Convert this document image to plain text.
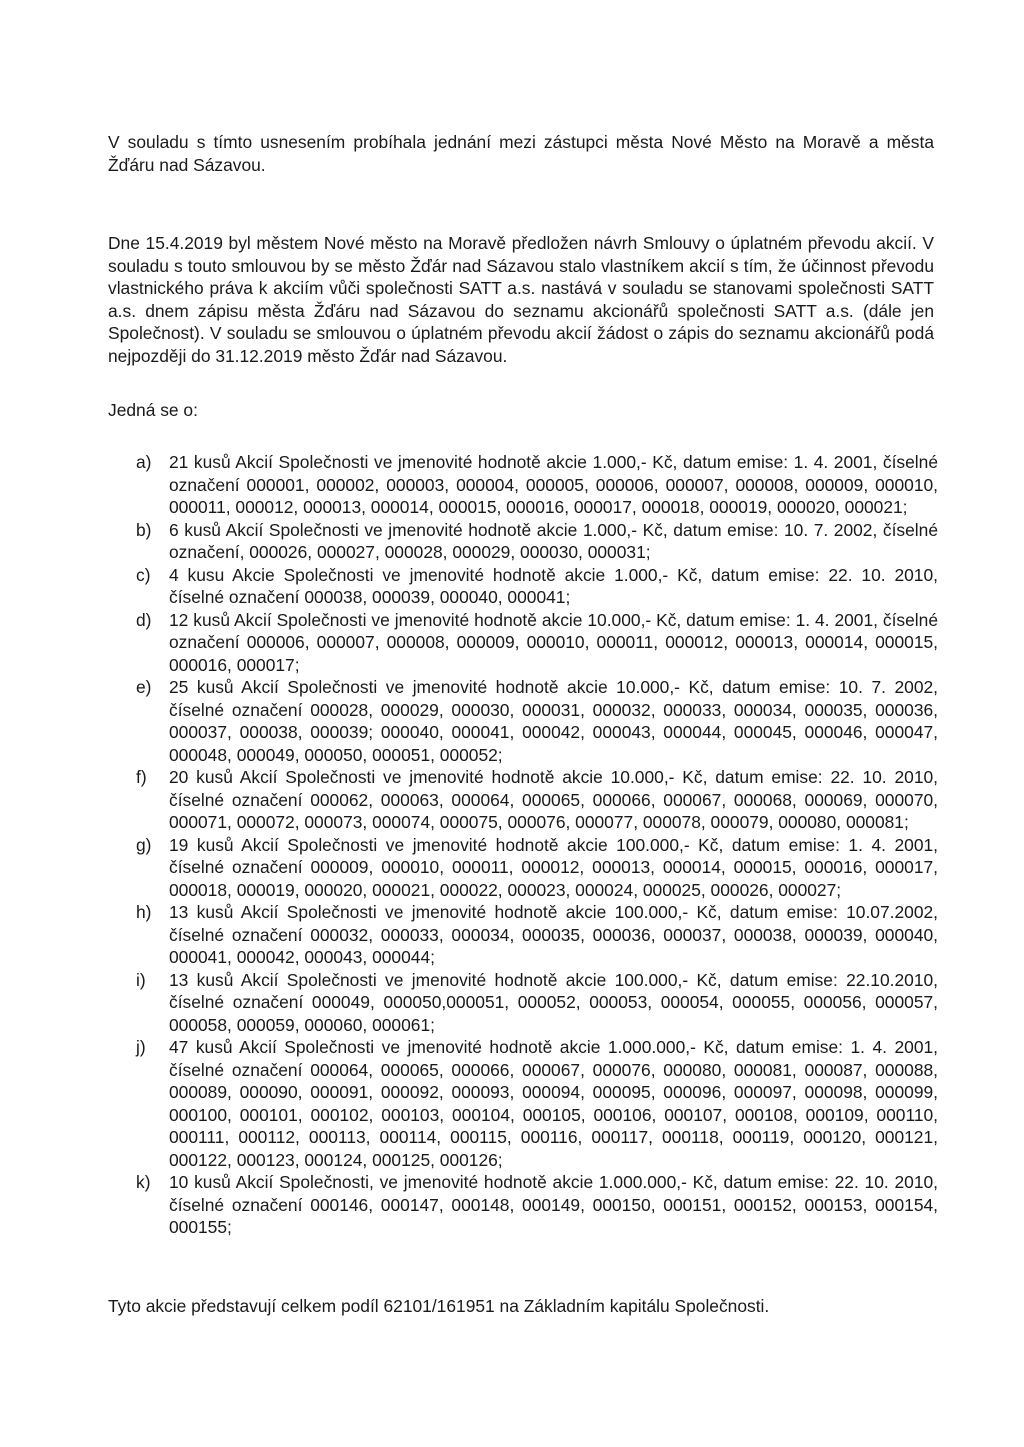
V souladu s tímto usnesením probíhala jednání mezi zástupci města Nové Město na Moravě a města Žďáru nad Sázavou.

Dne 15.4.2019 byl městem Nové město na Moravě předložen návrh Smlouvy o úplatném převodu akcií. V souladu s touto smlouvou by se město Žďár nad Sázavou stalo vlastníkem akcií s tím, že účinnost převodu vlastnického práva k akciím vůči společnosti SATT a.s. nastává v souladu se stanovami společnosti SATT a.s. dnem zápisu města Žďáru nad Sázavou do seznamu akcionářů společnosti SATT a.s. (dále jen Společnost). V souladu se smlouvou o úplatném převodu akcií žádost o zápis do seznamu akcionářů podá nejpozději do 31.12.2019 město Žďár nad Sázavou.

Jedná se o:

a) 21 kusů Akcií Společnosti ve jmenovité hodnotě akcie 1.000,- Kč, datum emise: 1. 4. 2001, číselné označení 000001, 000002, 000003, 000004, 000005, 000006, 000007, 000008, 000009, 000010, 000011, 000012, 000013, 000014, 000015, 000016, 000017, 000018, 000019, 000020, 000021;
b) 6 kusů Akcií Společnosti ve jmenovité hodnotě akcie 1.000,- Kč, datum emise: 10. 7. 2002, číselné označení, 000026, 000027, 000028, 000029, 000030, 000031;
c) 4 kusu Akcie Společnosti ve jmenovité hodnotě akcie 1.000,- Kč, datum emise: 22. 10. 2010, číselné označení 000038, 000039, 000040, 000041;
d) 12 kusů Akcií Společnosti ve jmenovité hodnotě akcie 10.000,- Kč, datum emise: 1. 4. 2001, číselné označení 000006, 000007, 000008, 000009, 000010, 000011, 000012, 000013, 000014, 000015, 000016, 000017;
e) 25 kusů Akcií Společnosti ve jmenovité hodnotě akcie 10.000,- Kč, datum emise: 10. 7. 2002, číselné označení 000028, 000029, 000030, 000031, 000032, 000033, 000034, 000035, 000036, 000037, 000038, 000039; 000040, 000041, 000042, 000043, 000044, 000045, 000046, 000047, 000048, 000049, 000050, 000051, 000052;
f) 20 kusů Akcií Společnosti ve jmenovité hodnotě akcie 10.000,- Kč, datum emise: 22. 10. 2010, číselné označení 000062, 000063, 000064, 000065, 000066, 000067, 000068, 000069, 000070, 000071, 000072, 000073, 000074, 000075, 000076, 000077, 000078, 000079, 000080, 000081;
g) 19 kusů Akcií Společnosti ve jmenovité hodnotě akcie 100.000,- Kč, datum emise: 1. 4. 2001, číselné označení 000009, 000010, 000011, 000012, 000013, 000014, 000015, 000016, 000017, 000018, 000019, 000020, 000021, 000022, 000023, 000024, 000025, 000026, 000027;
h) 13 kusů Akcií Společnosti ve jmenovité hodnotě akcie 100.000,- Kč, datum emise: 10.07.2002, číselné označení 000032, 000033, 000034, 000035, 000036, 000037, 000038, 000039, 000040, 000041, 000042, 000043, 000044;
i) 13 kusů Akcií Společnosti ve jmenovité hodnotě akcie 100.000,- Kč, datum emise: 22.10.2010, číselné označení 000049, 000050,000051, 000052, 000053, 000054, 000055, 000056, 000057, 000058, 000059, 000060, 000061;
j) 47 kusů Akcií Společnosti ve jmenovité hodnotě akcie 1.000.000,- Kč, datum emise: 1. 4. 2001, číselné označení 000064, 000065, 000066, 000067, 000076, 000080, 000081, 000087, 000088, 000089, 000090, 000091, 000092, 000093, 000094, 000095, 000096, 000097, 000098, 000099, 000100, 000101, 000102, 000103, 000104, 000105, 000106, 000107, 000108, 000109, 000110, 000111, 000112, 000113, 000114, 000115, 000116, 000117, 000118, 000119, 000120, 000121, 000122, 000123, 000124, 000125, 000126;
k) 10 kusů Akcií Společnosti, ve jmenovité hodnotě akcie 1.000.000,- Kč, datum emise: 22. 10. 2010, číselné označení 000146, 000147, 000148, 000149, 000150, 000151, 000152, 000153, 000154, 000155;

Tyto akcie představují celkem podíl 62101/161951 na Základním kapitálu Společnosti.
